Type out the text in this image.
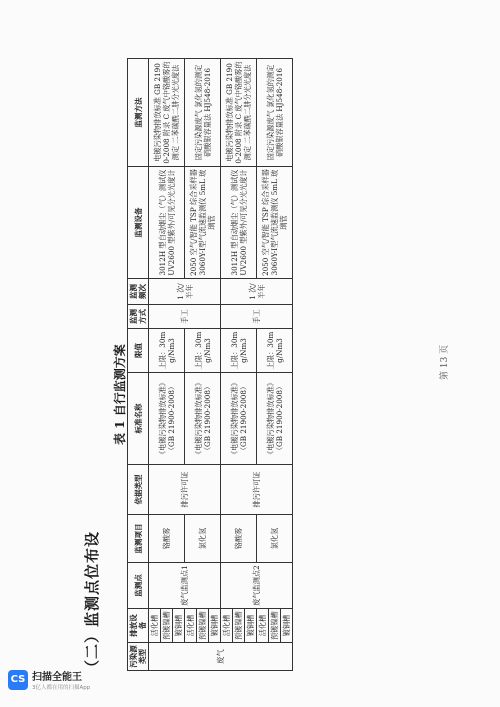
（二）监测点位布设
表 1 自行监测方案
污染源类型	排放设备	监测点	监测项目	依据类型	标准名称	限值	监测方式	监测频次	监测设备	监测方法
废气	活化槽	废气监测点1	铬酸雾	排污许可证	《电镀污染物排放标准》（GB 21900-2008）	上限：30mg/Nm3	手工	1 次/半年	3012H 型自动烟尘（气）测试仪 UV2600 型紫外/可见分光光度计	电镀污染物排放标准 GB 21900-2008 附录 C 废气中铬酸雾的测定 二苯碳酰二肼分光光度法
	预镀镍槽									
	镀铜槽									
	活化槽		氯化氢		《电镀污染物排放标准》（GB 21900-2008）	上限：30mg/Nm3			2050 空气/智能 TSP 综合采样器 3060Y-Ⅰ型气流速监测仪 5mL 玻璃管	固定污染源废气 氯化氢的测定 硝酸银容量法 HJ548-2016
	预镀镍槽									
	镀铜槽									
	活化槽	废气监测点2	铬酸雾	排污许可证	《电镀污染物排放标准》（GB 21900-2008）	上限：30mg/Nm3	手工	1 次/半年	3012H 型自动烟尘（气）测试仪 UV2600 型紫外/可见分光光度计	电镀污染物排放标准 GB 21900-2008 附录 C 废气中铬酸雾的测定 二苯碳酰二肼分光光度法
	预镀镍槽									
	镀铜槽									
	活化槽		氯化氢		《电镀污染物排放标准》（GB 21900-2008）	上限：30mg/Nm3			2050 空气/智能 TSP 综合采样器 3060Y-Ⅰ型气流速监测仪 5mL 玻璃管	固定污染源废气 氯化氢的测定 硝酸银容量法 HJ548-2016
	预镀镍槽									
	镀铜槽									
第 13 页
CS 扫描全能王
3亿人都在用的扫描App
